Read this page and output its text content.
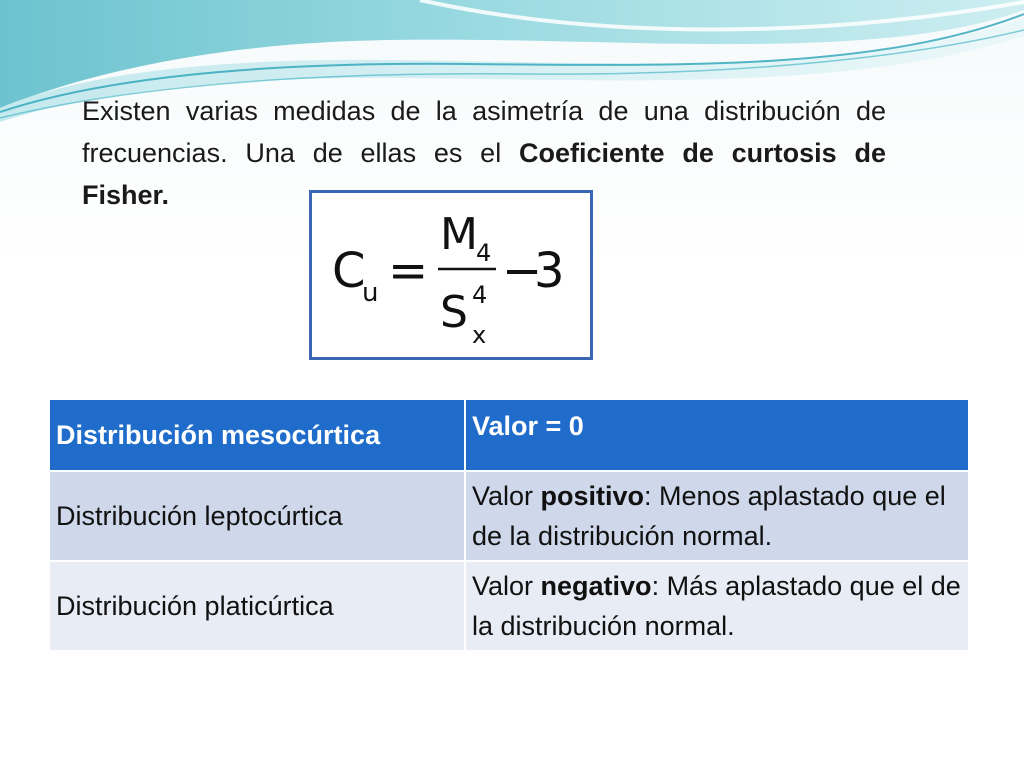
Existen varias medidas de la asimetría de una distribución de frecuencias. Una de ellas es el Coeficiente de curtosis de Fisher.

C
u =
M
4
S 4
x
−
3
Distribución mesocúrtica	Valor = 0
Distribución leptocúrtica	Valor positivo: Menos aplastado que el de la distribución normal.
Distribución platicúrtica	Valor negativo: Más aplastado que el de la distribución normal.
